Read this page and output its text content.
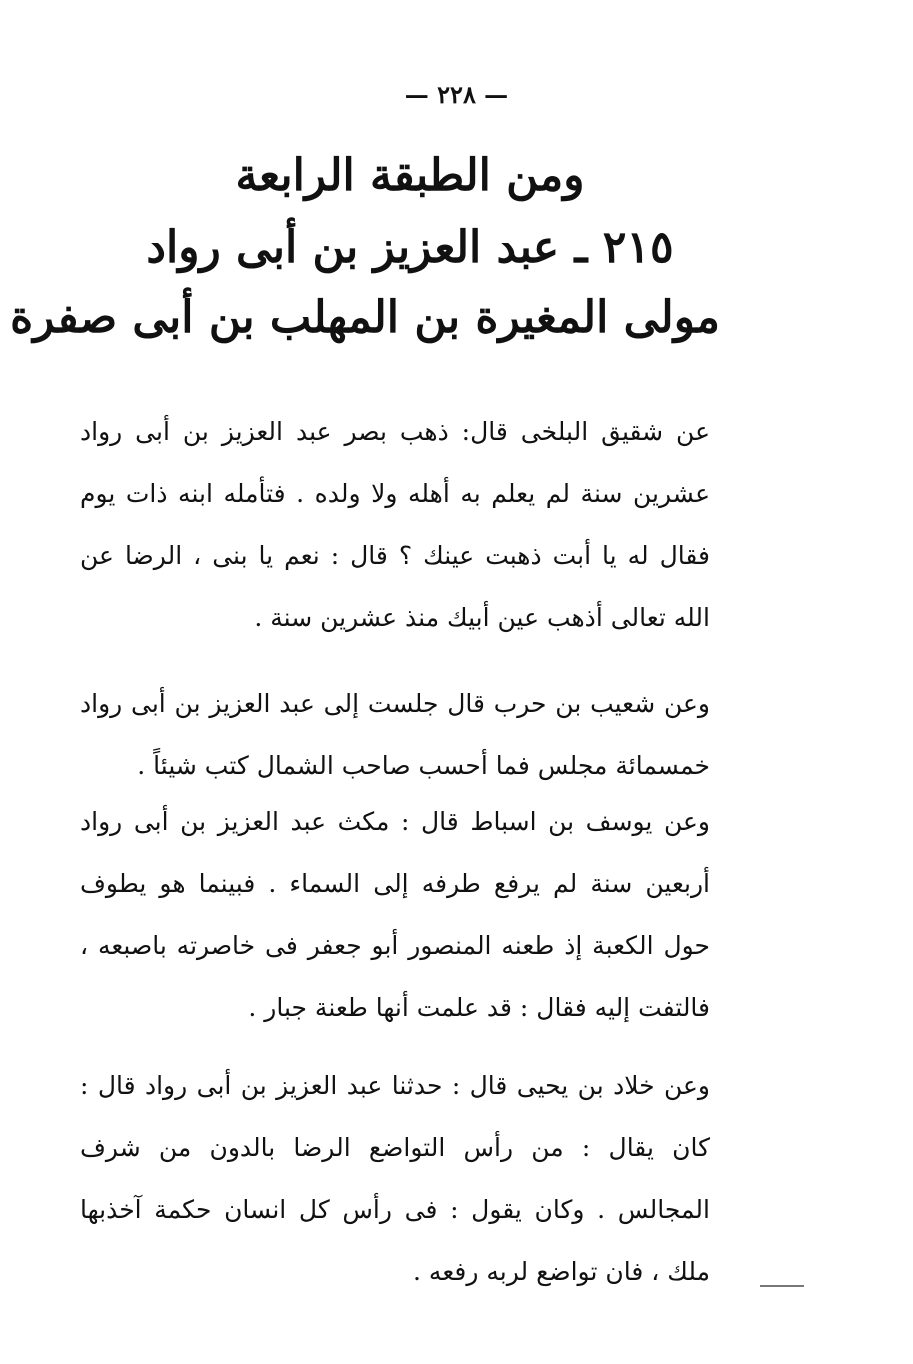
— ٢٢٨ —
ومن الطبقة الرابعة
٢١٥ ـ عبد العزيز بن أبى رواد
مولى المغيرة بن المهلب بن أبى صفرة

عن شقيق البلخى قال: ذهب بصر عبد العزيز بن أبى رواد عشرين سنة لم يعلم به أهله ولا ولده . فتأمله ابنه ذات يوم فقال له يا أبت ذهبت عينك ؟ قال : نعم يا بنى ، الرضا عن الله تعالى أذهب عين أبيك منذ عشرين سنة .

وعن شعيب بن حرب قال جلست إلى عبد العزيز بن أبى رواد خمسمائة مجلس فما أحسب صاحب الشمال كتب شيئاً .

وعن يوسف بن اسباط قال : مكث عبد العزيز بن أبى رواد أربعين سنة لم يرفع طرفه إلى السماء . فبينما هو يطوف حول الكعبة إذ طعنه المنصور أبو جعفر فى خاصرته باصبعه ، فالتفت إليه فقال : قد علمت أنها طعنة جبار .

وعن خلاد بن يحيى قال : حدثنا عبد العزيز بن أبى رواد قال : كان يقال : من رأس التواضع الرضا بالدون من شرف المجالس . وكان يقول : فى رأس كل انسان حكمة آخذبها ملك ، فان تواضع لربه رفعه .
